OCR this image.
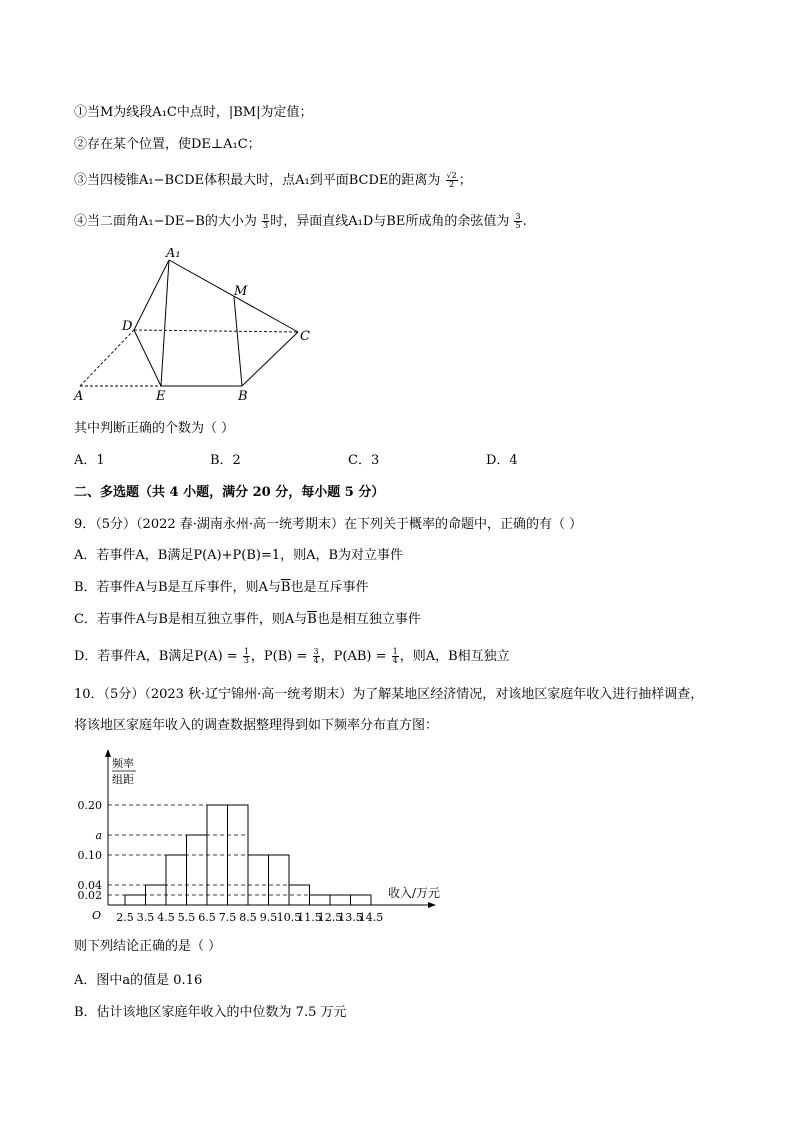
①当M为线段A₁C中点时，|BM|为定值；
②存在某个位置，使DE⊥A₁C；
③当四棱锥A₁−BCDE体积最大时，点A₁到平面BCDE的距离为 $\frac{√2}{2}$ ；
④当二面角A₁−DE−B的大小为 $\frac{\pi}{3}$ 时，异面直线A₁D与BE所成角的余弦值为 $\frac{3}{5}$ .
A₁
M
D
C
A	E	B
其中判断正确的个数为（ ）
A．1	B．2	C．3	D．4
二、多选题（共 4 小题，满分 20 分，每小题 5 分）
9．（5分）（2022 春·湖南永州·高一统考期末）在下列关于概率的命题中，正确的有（ ）
A．若事件A，B满足P(A)+P(B)=1，则A，B为对立事件
B．若事件A与B是互斥事件，则A与$\overline{B}$也是互斥事件
C．若事件A与B是相互独立事件，则A与$\overline{B}$也是相互独立事件
D．若事件A，B满足$P(A) = \frac{1}{3}$ ，$P(B) = \frac{3}{4}$ ，$P(AB) = \frac{1}{4}$ ，则A，B相互独立
10．（5分）（2023 秋·辽宁锦州·高一统考期末）为了解某地区经济情况，对该地区家庭年收入进行抽样调查，
将该地区家庭年收入的调查数据整理得到如下频率分布直方图：
频率
组距
O
0.02
0.04
0.10
a
0.20
2.5 3.5 4.5 5.5 6.5 7.5 8.5 9.5 10.5
11.5
12.5
13.5
14.5
收入/万元
则下列结论正确的是（ ）
A．图中a的值是 0.16
B．估计该地区家庭年收入的中位数为 7.5 万元
